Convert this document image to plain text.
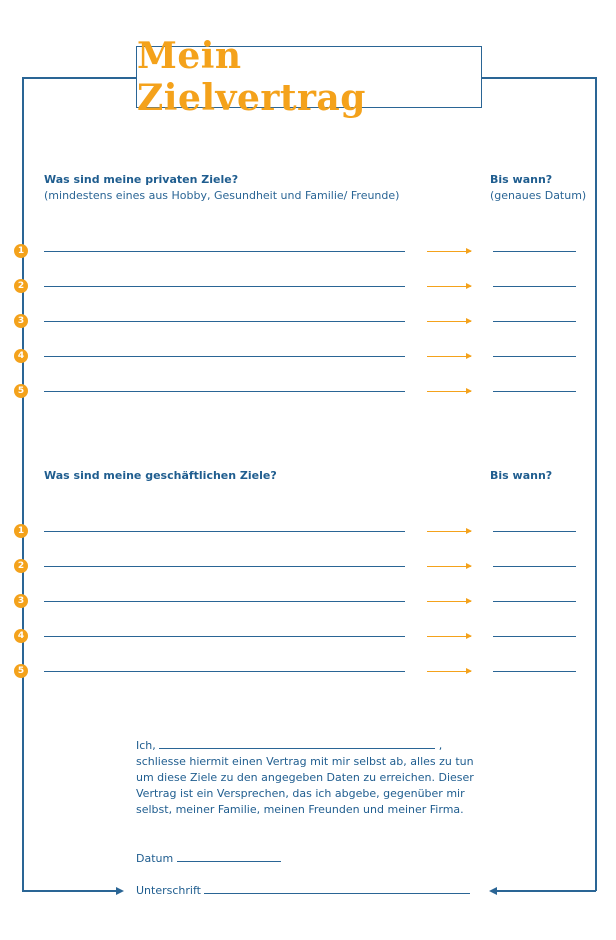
Mein Zielvertrag
Was sind meine privaten Ziele?
(mindestens eines aus Hobby, Gesundheit und Familie/ Freunde)
Bis wann?
(genaues Datum)
1
2
3
4
5
Was sind meine geschäftlichen Ziele?	Bis wann?
1
2
3
4
5
Ich,	,
schliesse hiermit einen Vertrag mit mir selbst ab, alles zu tun um diese Ziele zu den angegeben Daten zu erreichen. Dieser Vertrag ist ein Versprechen, das ich abgebe, gegenüber mir selbst, meiner Familie, meinen Freunden und meiner Firma.
Datum
Unterschrift
